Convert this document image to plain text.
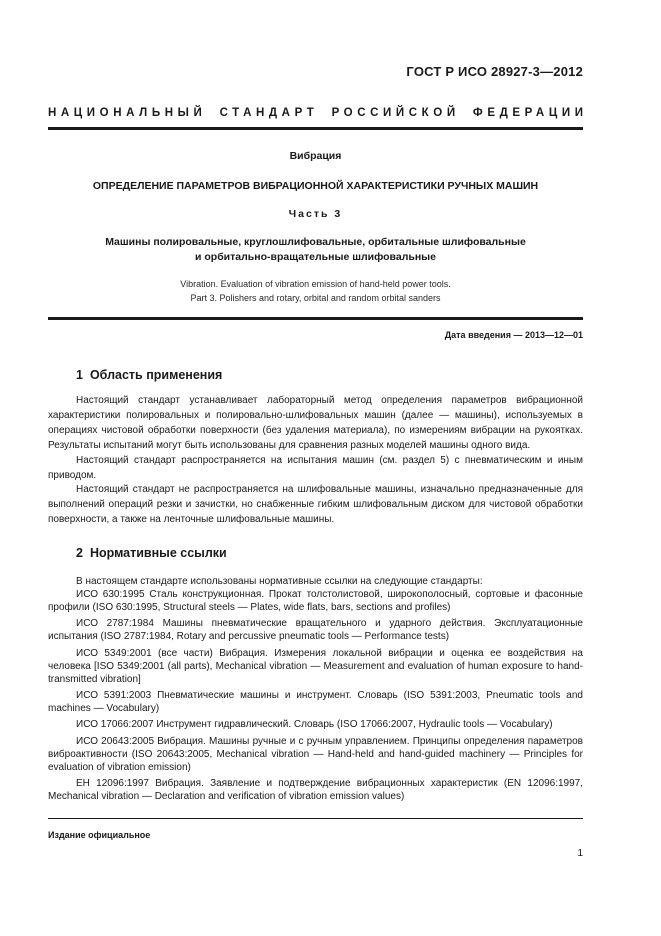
ГОСТ Р ИСО 28927-3—2012
НАЦИОНАЛЬНЫЙ СТАНДАРТ РОССИЙСКОЙ ФЕДЕРАЦИИ
Вибрация
ОПРЕДЕЛЕНИЕ ПАРАМЕТРОВ ВИБРАЦИОННОЙ ХАРАКТЕРИСТИКИ РУЧНЫХ МАШИН
Часть 3
Машины полировальные, круглошлифовальные, орбитальные шлифовальные
и орбитально-вращательные шлифовальные
Vibration. Evaluation of vibration emission of hand-held power tools.
Part 3. Polishers and rotary, orbital and random orbital sanders
Дата введения — 2013—12—01
1 Область применения

Настоящий стандарт устанавливает лабораторный метод определения параметров вибрационной характеристики полировальных и полировально-шлифовальных машин (далее — машины), используемых в операциях чистовой обработки поверхности (без удаления материала), по измерениям вибрации на рукоятках. Результаты испытаний могут быть использованы для сравнения разных моделей машины одного вида.

Настоящий стандарт распространяется на испытания машин (см. раздел 5) с пневматическим и иным приводом.

Настоящий стандарт не распространяется на шлифовальные машины, изначально предназначенные для выполнений операций резки и зачистки, но снабженные гибким шлифовальным диском для чистовой обработки поверхности, а также на ленточные шлифовальные машины.

2 Нормативные ссылки

В настоящем стандарте использованы нормативные ссылки на следующие стандарты:

ИСО 630:1995 Сталь конструкционная. Прокат толстолистовой, широкополосный, сортовые и фасонные профили (ISO 630:1995, Structural steels — Plates, wide flats, bars, sections and profiles)

ИСО 2787:1984 Машины пневматические вращательного и ударного действия. Эксплуатационные испытания (ISO 2787:1984, Rotary and percussive pneumatic tools — Performance tests)

ИСО 5349:2001 (все части) Вибрация. Измерения локальной вибрации и оценка ее воздействия на человека [ISO 5349:2001 (all parts), Mechanical vibration — Measurement and evaluation of human exposure to hand-transmitted vibration]

ИСО 5391:2003 Пневматические машины и инструмент. Словарь (ISO 5391:2003, Pneumatic tools and machines — Vocabulary)

ИСО 17066:2007 Инструмент гидравлический. Словарь (ISO 17066:2007, Hydraulic tools — Vocabulary)

ИСО 20643:2005 Вибрация. Машины ручные и с ручным управлением. Принципы определения параметров виброактивности (ISO 20643:2005, Mechanical vibration — Hand-held and hand-guided machinery — Principles for evaluation of vibration emission)

ЕН 12096:1997 Вибрация. Заявление и подтверждение вибрационных характеристик (EN 12096:1997, Mechanical vibration — Declaration and verification of vibration emission values)

Издание официальное
1
